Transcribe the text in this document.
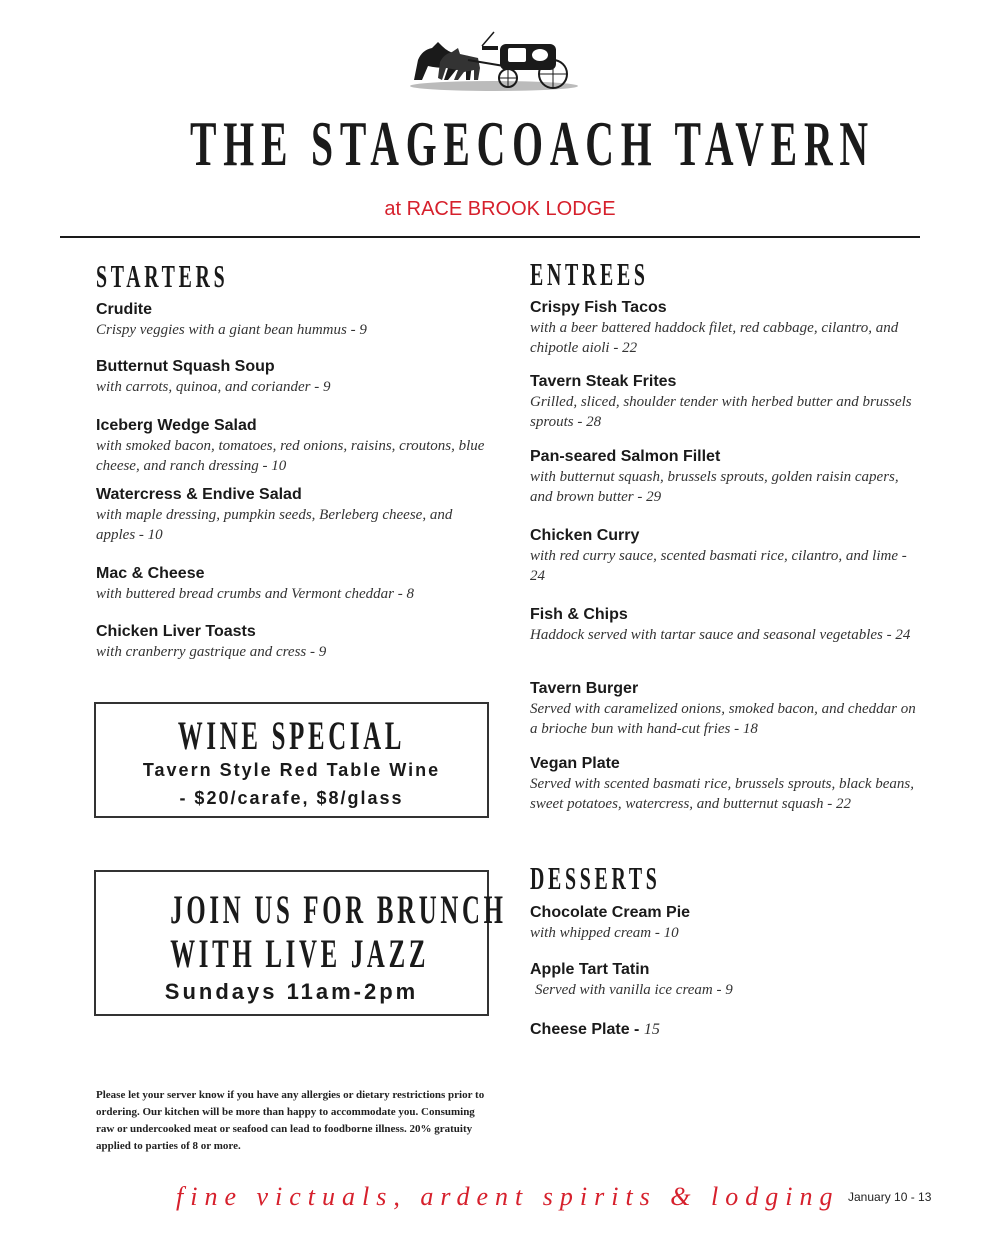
THE STAGECOACH TAVERN
at RACE BROOK LODGE
STARTERS
Crudite
Crispy veggies with a giant bean hummus - 9
Butternut Squash Soup
with carrots, quinoa, and coriander - 9
Iceberg Wedge Salad
with smoked bacon, tomatoes, red onions, raisins, croutons, blue cheese, and ranch dressing - 10
Watercress & Endive Salad
with maple dressing, pumpkin seeds, Berleberg cheese, and apples - 10
Mac & Cheese
with buttered bread crumbs and Vermont cheddar - 8
Chicken Liver Toasts
with cranberry gastrique and cress - 9
WINE SPECIAL
Tavern Style Red Table Wine
- $20/carafe, $8/glass
JOIN US FOR BRUNCH
WITH LIVE JAZZ
Sundays 11am-2pm
ENTREES
Crispy Fish Tacos
with a beer battered haddock filet, red cabbage, cilantro, and chipotle aioli - 22
Tavern Steak Frites
Grilled, sliced, shoulder tender with herbed butter and brussels sprouts - 28
Pan-seared Salmon Fillet
with butternut squash, brussels sprouts, golden raisin capers, and brown butter - 29
Chicken Curry
with red curry sauce, scented basmati rice, cilantro, and lime - 24
Fish & Chips
Haddock served with tartar sauce and seasonal vegetables - 24
Tavern Burger
Served with caramelized onions, smoked bacon, and cheddar on a brioche bun with hand-cut fries - 18
Vegan Plate
Served with scented basmati rice, brussels sprouts, black beans, sweet potatoes, watercress, and butternut squash - 22
DESSERTS
Chocolate Cream Pie
with whipped cream - 10
Apple Tart Tatin
Served with vanilla ice cream - 9
Cheese Plate - 15
Please let your server know if you have any allergies or dietary restrictions prior to ordering. Our kitchen will be more than happy to accommodate you. Consuming raw or undercooked meat or seafood can lead to foodborne illness. 20% gratuity applied to parties of 8 or more.
fine victuals, ardent spirits & lodging January 10 - 13
